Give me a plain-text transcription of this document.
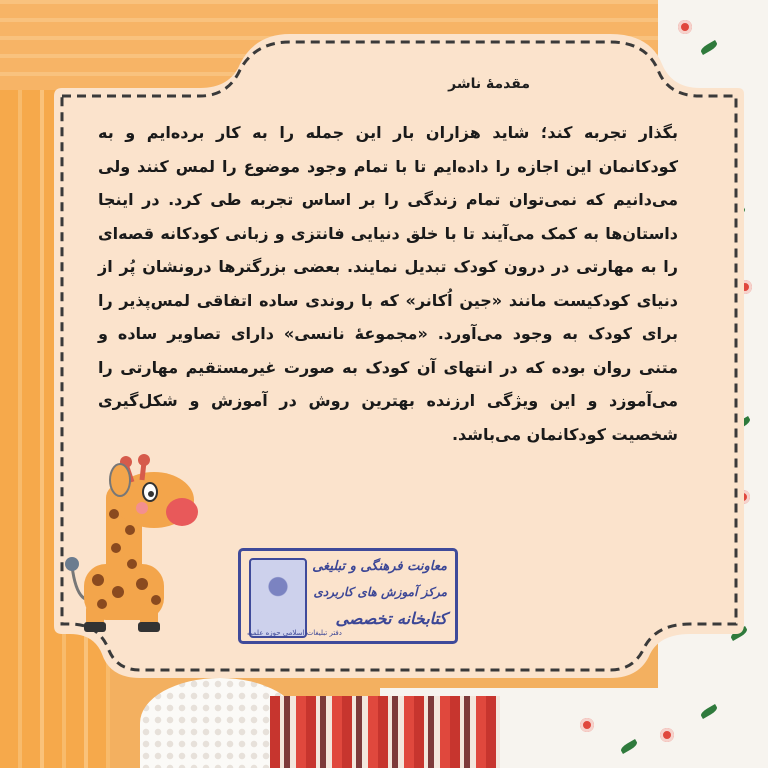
مقدمهٔ ناشر
بگذار تجربه کند؛ شاید هزاران بار این جمله را به کار برده‌ایم و به کودکانمان این اجازه را داده‌ایم تا با تمام وجود موضوع را لمس کنند ولی می‌دانیم که نمی‌توان تمام زندگی را بر اساس تجربه طی کرد. در اینجا داستان‌ها به کمک می‌آیند تا با خلق دنیایی فانتزی و زبانی کودکانه قصه‌ای را به مهارتی در درون کودک تبدیل نمایند. بعضی بزرگترها درونشان پُر از دنیای کودکیست مانند «جین اُکانر» که با روندی ساده اتفاقی لمس‌پذیر را برای کودک به وجود می‌آورد. «مجموعهٔ نانسی» دارای تصاویر ساده و متنی روان بوده که در انتهای آن کودک به صورت غیرمستقیم مهارتی را می‌آموزد و این ویژگی ارزنده بهترین روش در آموزش و شکل‌گیری شخصیت کودکانمان می‌باشد.
معاونت فرهنگی و تبلیغی
مرکز آموزش های کاربردی
کتابخانه تخصصی
دفتر تبلیغات اسلامی حوزه علمیه
